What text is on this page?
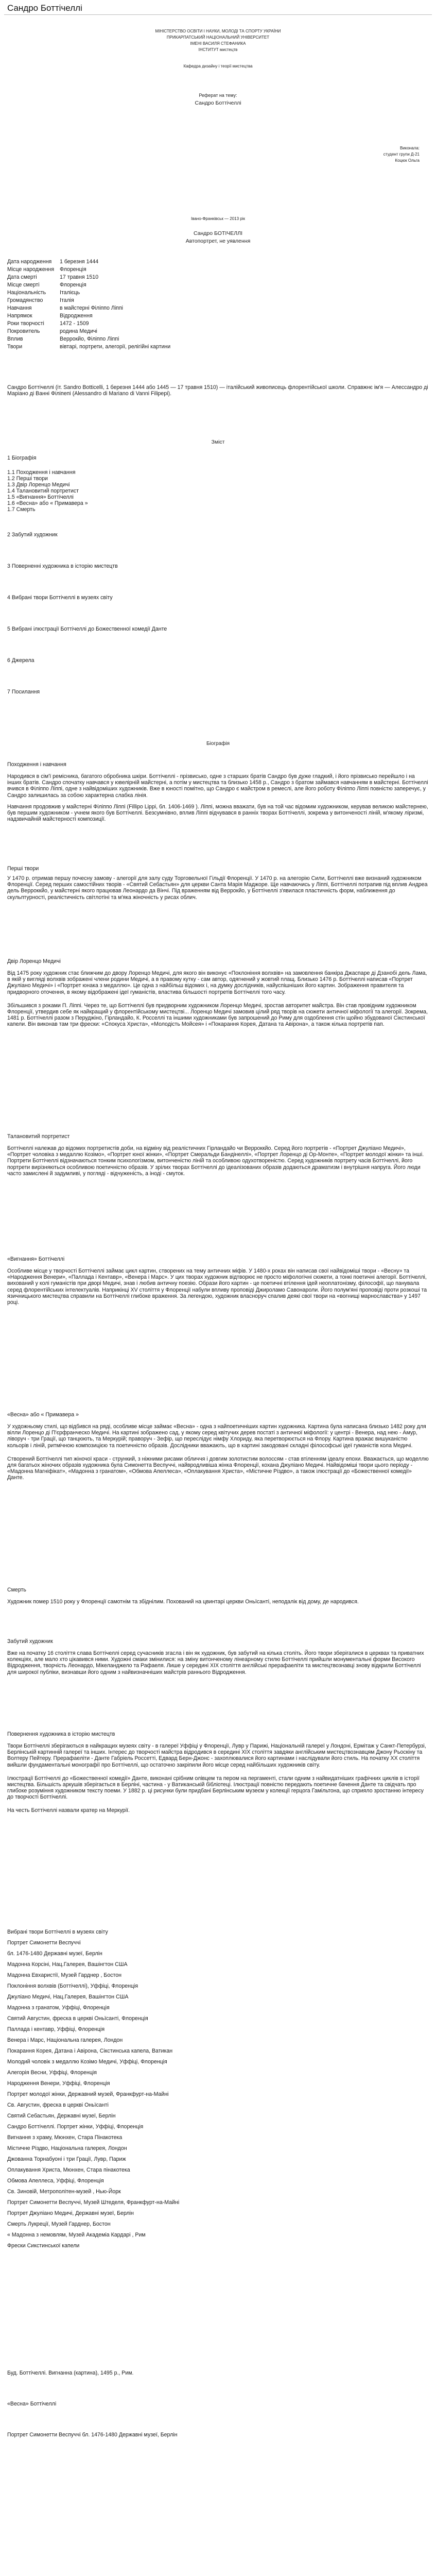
Сандро Боттічеллі
МІНІСТЕРСТВО ОСВІТИ І НАУКИ, МОЛОДІ ТА СПОРТУ УКРАЇНИ
ПРИКАРПАТСЬКИЙ НАЦІОНАЛЬНИЙ УНІВЕРСИТЕТ
ІМЕНІ ВАСИЛЯ СТЕФАНИКА
ІНСТИТУТ мистецтв
Кафедра дизайну і теорії мистецтва
Реферат на тему:
Сандро Боттічеллі
Виконала:
студент групи Д-21
Коцюк Ольга
Івано-Франківськ — 2013 рік
Сандро БОТІЧЕЛЛІ
Автопортрет, не уявлення
Дата народження 1 березня 1444
Місце народження Флоренція
Дата смерті	17 травня 1510
Місце смерті	Флоренція
Національність	Італієць
Громадянство	Італія
Навчання	в майстерні Філіппо Ліппі
Напрямок	Відродження
Роки творчості	1472 - 1509
Покровитель	родина Медичі
Вплив	Веррокйо, Філіппо Ліппі
Твори	вівтарі, портрети, алегорії, релігійні картини

Сандро Боттічеллі (іт. Sandro Botticelli, 1 березня 1444 або 1445 — 17 травня 1510) — італійський живописець флорентійської школи. Справжнє ім'я — Алессандро ді Маріано ді Ванні Філіпепі (Alessandro di Mariano di Vanni Filipepi).

Зміст
1 Біографія
1.1 Походження і навчання
1.2 Перші твори
1.3 Двір Лоренцо Медичі
1.4 Талановитий портретист
1.5 «Вигнання» Боттічеллі
1.6 «Весна» або « Примавера »
1.7 Смерть
2 Забутий художник
3 Поверненні художника в історію мистецтв
4 Вибрані твори Боттічеллі в музеях світу
5 Вибрані ілюстрації Боттічеллі до Божественної комедії Данте
6 Джерела
7 Посилання
Біографія
Походження і навчання

Народився в сім'ї ремісника, багатого обробника шкіри. Боттічеллі - прізвисько, одне з старших братів Сандро був дуже гладкий, і його прізвисько перейшло і на інших братів. Сандро спочатку навчався у ювелірній майстерні, а потім у мистецтва та близько 1458 р., Сандро з братом займався навчанням в майстерні. Боттічеллі вчився в Філіппо Ліппі, одне з найвідоміших художників. Вже в юності помітно, що Сандро є майстром в ремеслі, але його роботу Філіппо Ліппі повністю заперечує, у Сандро залишилась за собою характерна слабка лінія.

Навчання продовжив у майстерні Філіппо Ліппі (Fillipo Lippi, бл. 1406-1469 ). Ліппі, можна вважати, був на той час відомим художником, керував великою майстернею, був першим художником - учнем якого був Боттічеллі. Безсумнівно, вплив Ліппі відчувався в ранніх творах Боттічеллі, зокрема у витонченості ліній, м'якому ліризмі, надзвичайній майстерності композиції.

Перші твори

У 1470 р. отримав першу почесну замову - алегорії для залу суду Торговельної Гільдії Флоренції. У 1470 р. на алегорію Сили, Боттічеллі вже визнаний художником Флоренції. Серед перших самостійних творів - «Святий Себастьян» для церкви Санта Марія Маджоре. Ще навчаючись у Ліппі, Боттічеллі потрапив під вплив Андреа дель Верроккйо, у майстерні якого працював Леонардо да Вінчі. Під враженням від Веррокйо, у Боттічеллі з'явилася пластичність форм, наближення до скульптурності, реалістичність світлотіні та м'яка жіночність у рисах облич.

Двір Лоренцо Медичі

Від 1475 року художник стає ближчим до двору Лоренцо Медичі, для якого він виконує «Поклоніння волхвів» на замовлення банкіра Джаспаре ді Дзанобі дель Лама, в якій у вигляді волхвів зображені члени родини Медичі, а в правому кутку - сам автор, одягнений у жовтий плащ. Близько 1476 р. Боттічеллі написав «Портрет Джуліано Медичі» і «Портрет юнака з медаллю». Це одна з найбільш відомих і, на думку дослідників, найуспішніших його картин. Зображення правителя та придворного оточення, в якому відображені ідеї гуманістів, властива більшості портретів Боттічеллі того часу.

Збільшився з роками П. Ліппі. Через те, що Боттічеллі був придворним художником Лоренцо Медичі, зростав авторитет майстра. Він став провідним художником Флоренції, утвердив себе як найкращий у флорентійському мистецтві... Лоренцо Медичі замовив цілий ряд творів на сюжети античної міфології та алегорії. Зокрема, 1481 р. Боттічеллі разом з Перуджіно, Гірландайо, К. Росселлі та іншими художниками був запрошений до Риму для оздоблення стін щойно збудованої Сікстинської капели. Він виконав там три фрески: «Спокуса Христа», «Молодість Мойсея» і «Покарання Корея, Датана та Авірона», а також кілька портретів пап.

Талановитий портретист

Боттічеллі належав до відомих портретистів доби, на відміну від реалістичних Гірландайо чи Верроккйо. Серед його портретів - «Портрет Джуліано Медичі», «Портрет чоловіка з медаллю Козімо», «Портрет юної жінки», «Портрет Смеральди Бандінеллі», «Портрет Лоренцо ді Ор-Монте», «Портрет молодої жінки» та інші. Портрети Боттічеллі відзначаються тонким психологізмом, витонченістю ліній та особливою одухотвореністю. Серед художників портрету часів Боттічеллі, його портрети вирізняються особливою поетичністю образів. У зрілих творах Боттічеллі до ідеалізованих образів додаються драматизм і внутрішня напруга. Його люди часто замислені й задумливі, у погляді - відчуженість, а іноді - смуток.

«Вигнання» Боттічеллі

Особливе місце у творчості Боттічеллі займає цикл картин, створених на тему античних міфів. У 1480-х роках він написав свої найвідоміші твори - «Весну» та «Народження Венери», «Паллада і Кентавр», «Венера і Марс». У цих творах художник відтворює не просто міфологічні сюжети, а тонкі поетичні алегорії. Боттічеллі, вихований у колі гуманістів при дворі Медичі, знав і любив античну поезію. Образи його картин - це поетичні втілення ідей неоплатонізму, філософії, що панувала серед флорентійських інтелектуалів. Наприкінці XV століття у Флоренції набули впливу проповіді Джироламо Савонароли. Його полум'яні проповіді проти розкоші та язичницького мистецтва справили на Боттічеллі глибоке враження. За легендою, художник власноруч спалив деякі свої твори на «вогнищі марнославства» у 1497 році.

«Весна» або « Примавера »

У художньому стилі, що відбився на ряді, особливе місце займає «Весна» - одна з найпоетичніших картин художника. Картина була написана близько 1482 року для вілли Лоренцо ді П'єрфранческо Медичі. На картині зображено сад, у якому серед квітучих дерев постаті з античної міфології: у центрі - Венера, над нею - Амур, ліворуч - три Грації, що танцюють, та Меркурій; праворуч - Зефір, що переслідує німфу Хлориду, яка перетворюється на Флору. Картина вражає вишуканістю кольорів і ліній, ритмічною композицією та поетичністю образів. Дослідники вважають, що в картині закодовані складні філософські ідеї гуманістів кола Медичі.

Створений Боттічеллі тип жіночої краси - стрункий, з ніжними рисами обличчя і довгим золотистим волоссям - став втіленням ідеалу епохи. Вважається, що моделлю для багатьох жіночих образів художника була Симонетта Веспуччі, найвродливіша жінка Флоренції, кохана Джуліано Медичі. Найвідоміші твори цього періоду - «Мадонна Магніфікат», «Мадонна з гранатом», «Обмова Апеллеса», «Оплакування Христа», «Містичне Різдво», а також ілюстрації до «Божественної комедії» Данте.

Смерть

Художник помер 1510 року у Флоренції самотнім та збіднілим. Похований на цвинтарі церкви Оньїсанті, неподалік від дому, де народився.

Забутий художник

Вже на початку 16 століття слава Боттічеллі серед сучасників згасла і він як художник, був забутий на кілька століть. Його твори зберігалися в церквах та приватних колекціях, але мало хто цікавився ними. Художні смаки змінилися: на зміну витонченому лінеарному стилю Боттічеллі прийшли монументальні форми Високого Відродження, творчість Леонардо, Мікеланджело та Рафаеля. Лише у середині XIX століття англійські прерафаеліти та мистецтвознавці знову відкрили Боттічеллі для широкої публіки, визнавши його одним з найвизначніших майстрів раннього Відродження.

Повернення художника в історію мистецтв

Твори Боттічеллі зберігаються в найкращих музеях світу - в галереї Уффіці у Флоренції, Лувр у Парижі, Національній галереї у Лондоні, Ермітаж у Санкт-Петербурзі, Берлінській картинній галереї та інших. Інтерес до творчості майстра відродився в середині XIX століття завдяки англійським мистецтвознавцям Джону Рьоскіну та Волтеру Пейтеру. Прерафаеліти - Данте Габріель Россетті, Едвард Берн-Джонс - захоплювалися його картинами і наслідували його стиль. На початку XX століття вийшли фундаментальні монографії про Боттічеллі, що остаточно закріпили його місце серед найбільших художників світу.

Ілюстрації Боттічеллі до «Божественної комедії» Данте, виконані срібним олівцем та пером на пергаменті, стали одним з найвидатніших графічних циклів в історії мистецтва. Більшість аркушів зберігається в Берліні, частина - у Ватиканській бібліотеці. Ілюстрації повністю передають поетичне бачення Данте та свідчать про глибоке розуміння художником тексту поеми. У 1882 р. ці рисунки були придбані Берлінським музеєм у колекції герцога Гамільтона, що сприяло зростанню інтересу до творчості Боттічеллі.

На честь Боттічеллі назвали кратер на Меркурії.

Вибрані твори Боттічеллі в музеях світу
Портрет Симонетти Веспуччі
бл. 1476-1480 Державні музеї, Берлін
Мадонна Корсіні, Нац.Галерея, Вашінгтон США
Мадонна Евхаристії, Музей Гарднер , Бостон
Поклоніння волхвів (Боттічеллі), Уффіці, Флоренція
Джуліано Медичі, Нац.Галерея, Вашінгтон США
Мадонна з гранатом, Уффіці, Флоренція
Святий Августин, фреска в церкві Оньїсанті, Флоренція
Паллада і кентавр, Уффіці, Флоренція
Венера і Марс, Національна галерея, Лондон
Покарання Корея, Датана і Авірона, Сікстинська капела, Ватикан
Молодий чоловік з медаллю Козімо Медичі, Уффіці, Флоренція
Алегорія Весни, Уффіці, Флоренція
Народження Венери, Уффіці, Флоренція
Портрет молодої жінки, Державний музей, Франкфурт-на-Майні
Св. Августин, фреска в церкві Оньїсанті
Святий Себастьян, Державні музеї, Берлін
Сандро Боттічеллі. Портрет жінки, Уффіці, Флоренція
Вигнання з храму, Мюнхен, Стара Пінакотека
Містичне Різдво, Національна галерея, Лондон
Джованна Торнабуоні і три Грації, Лувр, Париж
Оплакування Христа, Мюнхен, Стара пінакотека
Обмова Апеллеса, Уффіці, Флоренція
Св. Зиновій, Метрополітен-музей , Нью-Йорк
Портрет Симонетти Веспуччі, Музей Штеделя, Франкфурт-на-Майні
Портрет Джуліано Медичі, Державні музеї, Берлін
Смерть Лукреції, Музей Гарднер, Бостон
« Мадонна з немовлям, Музей Академіа Кардарі , Рим
Фрески Сикстинської капели
Буд. Боттічеллі. Вигнанна (картина), 1495 р., Рим.
«Весна» Боттічеллі
Портрет Симонетти Веспуччі бл. 1476-1480 Державні музеї, Берлін
